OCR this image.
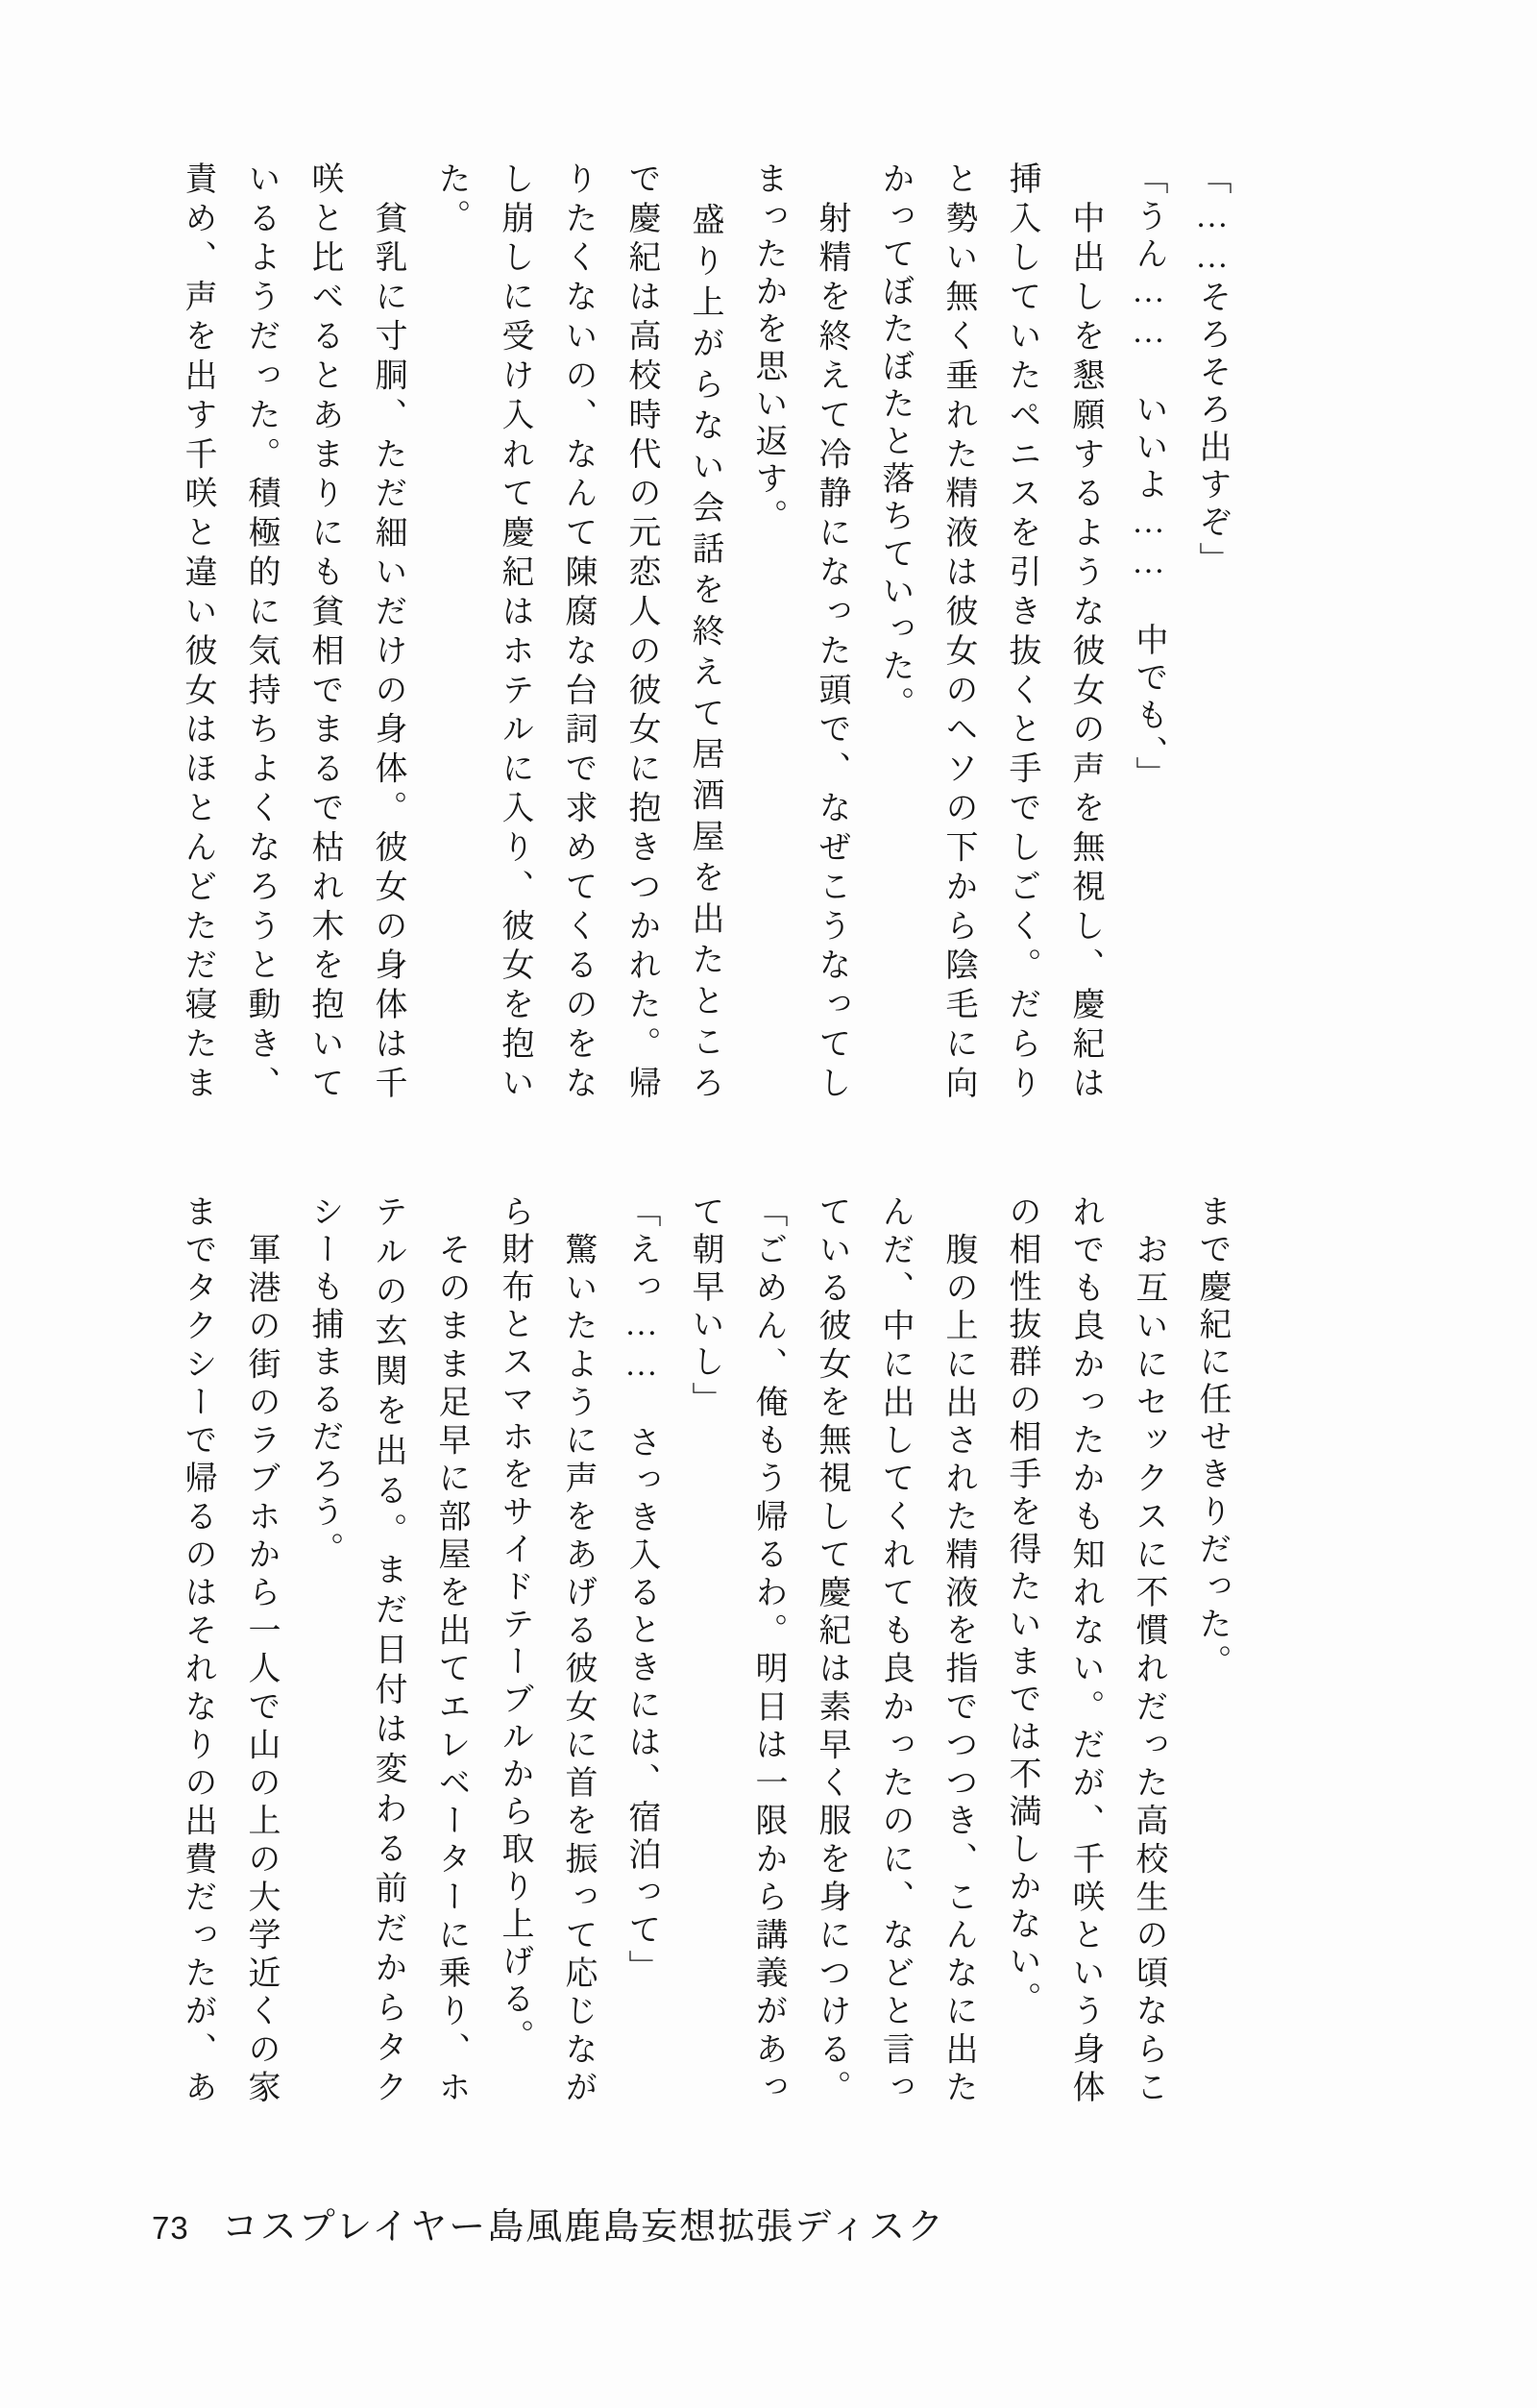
「……そろそろ出すぞ」

「うん……　いいよ……　中でも、」

　中出しを懇願するような彼女の声を無視し、慶紀は

挿入していたペニスを引き抜くと手でしごく。だらり

と勢い無く垂れた精液は彼女のヘソの下から陰毛に向

かってぼたぼたと落ちていった。

　射精を終えて冷静になった頭で、なぜこうなってし

まったかを思い返す。

　盛り上がらない会話を終えて居酒屋を出たところ

で慶紀は高校時代の元恋人の彼女に抱きつかれた。帰

りたくないの、なんて陳腐な台詞で求めてくるのをな

し崩しに受け入れて慶紀はホテルに入り、彼女を抱い

た。

　貧乳に寸胴、ただ細いだけの身体。彼女の身体は千

咲と比べるとあまりにも貧相でまるで枯れ木を抱いて

いるようだった。積極的に気持ちよくなろうと動き、

責め、声を出す千咲と違い彼女はほとんどただ寝たま

まで慶紀に任せきりだった。

　お互いにセックスに不慣れだった高校生の頃ならこ

れでも良かったかも知れない。だが、千咲という身体

の相性抜群の相手を得たいまでは不満しかない。

　腹の上に出された精液を指でつつき、こんなに出た

んだ、中に出してくれても良かったのに、などと言っ

ている彼女を無視して慶紀は素早く服を身につける。

「ごめん、俺もう帰るわ。明日は一限から講義があっ

て朝早いし」

「えっ……　さっき入るときには、宿泊って」

　驚いたように声をあげる彼女に首を振って応じなが

ら財布とスマホをサイドテーブルから取り上げる。

　そのまま足早に部屋を出てエレベーターに乗り、ホ

テルの玄関を出る。まだ日付は変わる前だからタク

シーも捕まるだろう。

　軍港の街のラブホから一人で山の上の大学近くの家

までタクシーで帰るのはそれなりの出費だったが、あ

73 コスプレイヤー島風鹿島妄想拡張ディスク
